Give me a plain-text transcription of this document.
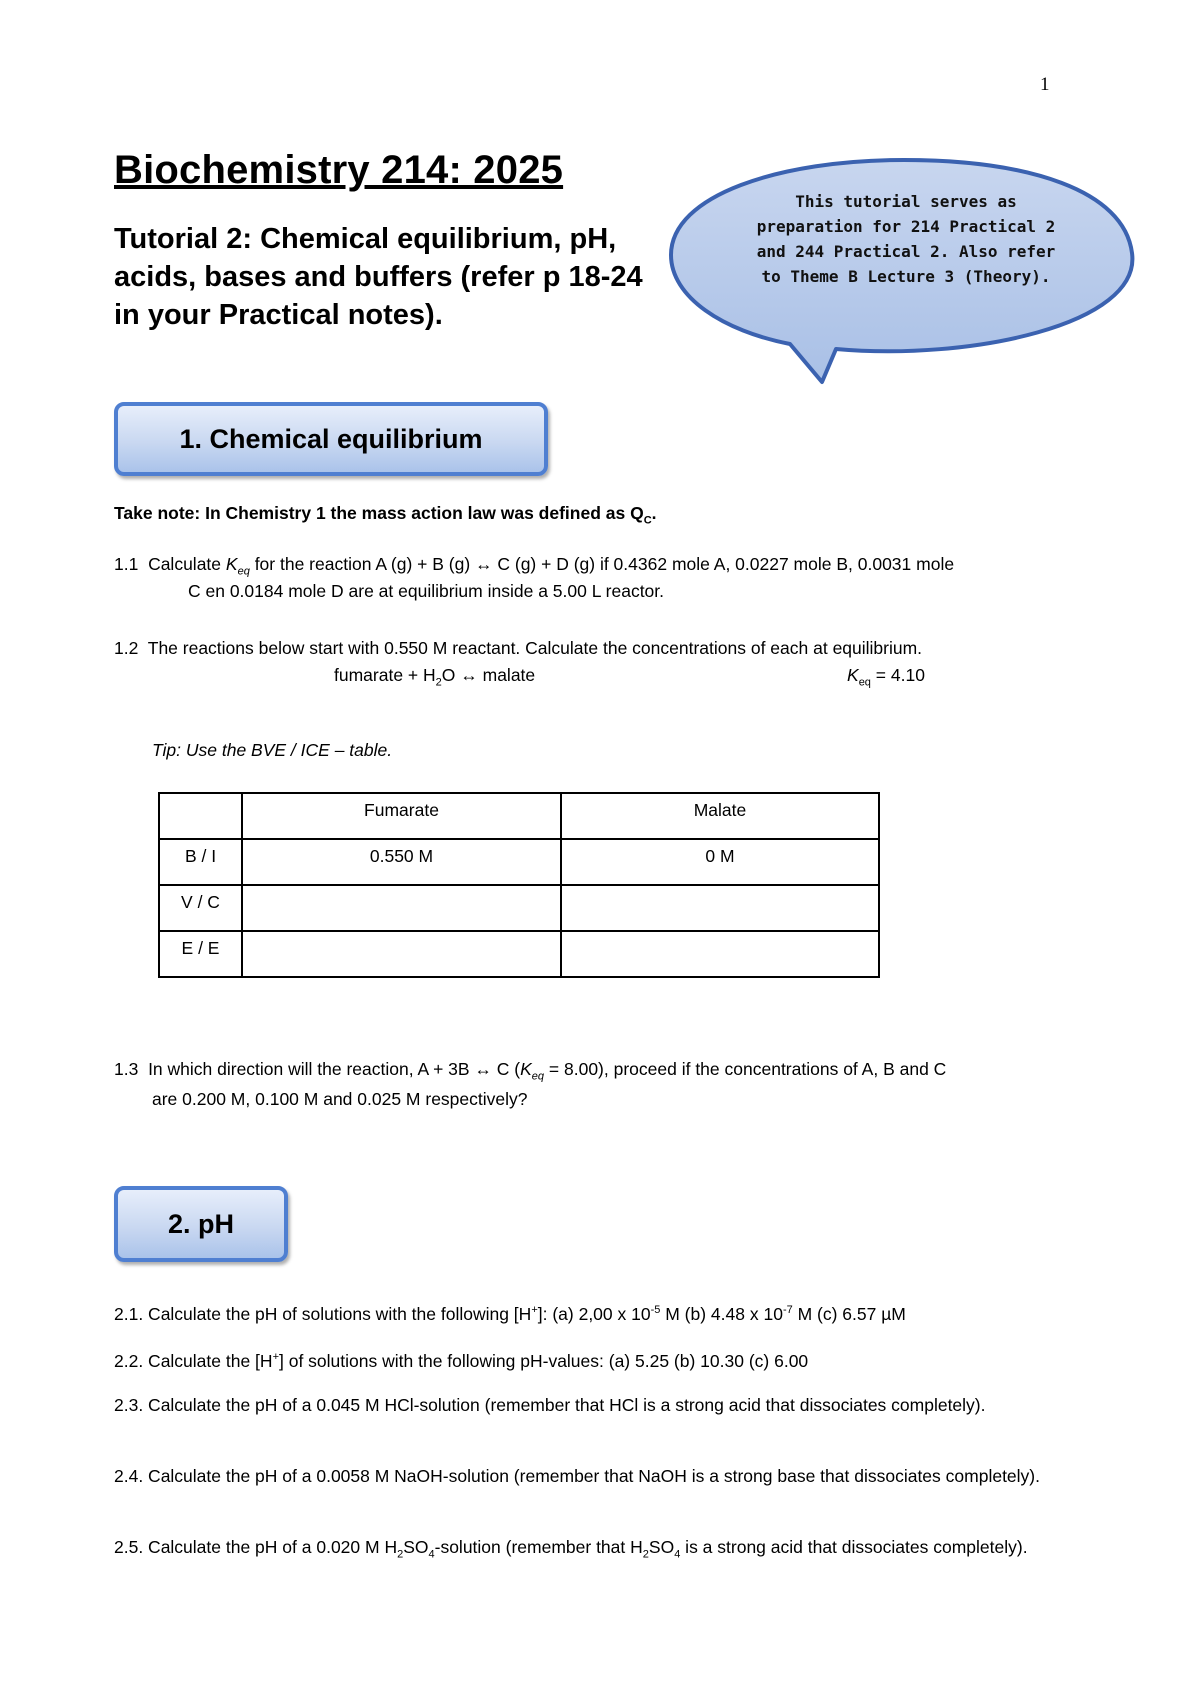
1
Biochemistry 214: 2025
Tutorial 2: Chemical equilibrium, pH, acids, bases and buffers (refer p 18-24 in your Practical notes).
This tutorial serves as preparation for 214 Practical 2 and 244 Practical 2. Also refer to Theme B Lecture 3 (Theory).
1. Chemical equilibrium
Take note: In Chemistry 1 the mass action law was defined as $Q_C$.
1.1 Calculate $K_{eq}$ for the reaction A (g) + B (g) ↔ C (g) + D (g) if 0.4362 mole A, 0.0227 mole B, 0.0031 mole
C en 0.0184 mole D are at equilibrium inside a 5.00 L reactor.
1.2 The reactions below start with 0.550 M reactant. Calculate the concentrations of each at equilibrium.
fumarate + $H_2O$ ↔ malate	$K_{eq} = 4.10$
Tip: Use the BVE / ICE – table.
	Fumarate	Malate
B / I	0.550 M	0 M
V / C		
E / E		
1.3 In which direction will the reaction, A + 3B ↔ C $(K_{eq} = 8.00)$, proceed if the concentrations of A, B and C
are 0.200 M, 0.100 M and 0.025 M respectively?
2. pH
2.1. Calculate the pH of solutions with the following [H+]: (a) 2,00 x $10^{-5}$ M (b) 4.48 x $10^{-7}$ M (c) 6.57 µM
2.2. Calculate the [H+] of solutions with the following pH-values: (a) 5.25 (b) 10.30 (c) 6.00
2.3. Calculate the pH of a 0.045 M HCl-solution (remember that HCl is a strong acid that dissociates completely).
2.4. Calculate the pH of a 0.0058 M NaOH-solution (remember that NaOH is a strong base that dissociates completely).
2.5. Calculate the pH of a 0.020 M $H_2SO_4$-solution (remember that $H_2SO_4$ is a strong acid that dissociates completely).
